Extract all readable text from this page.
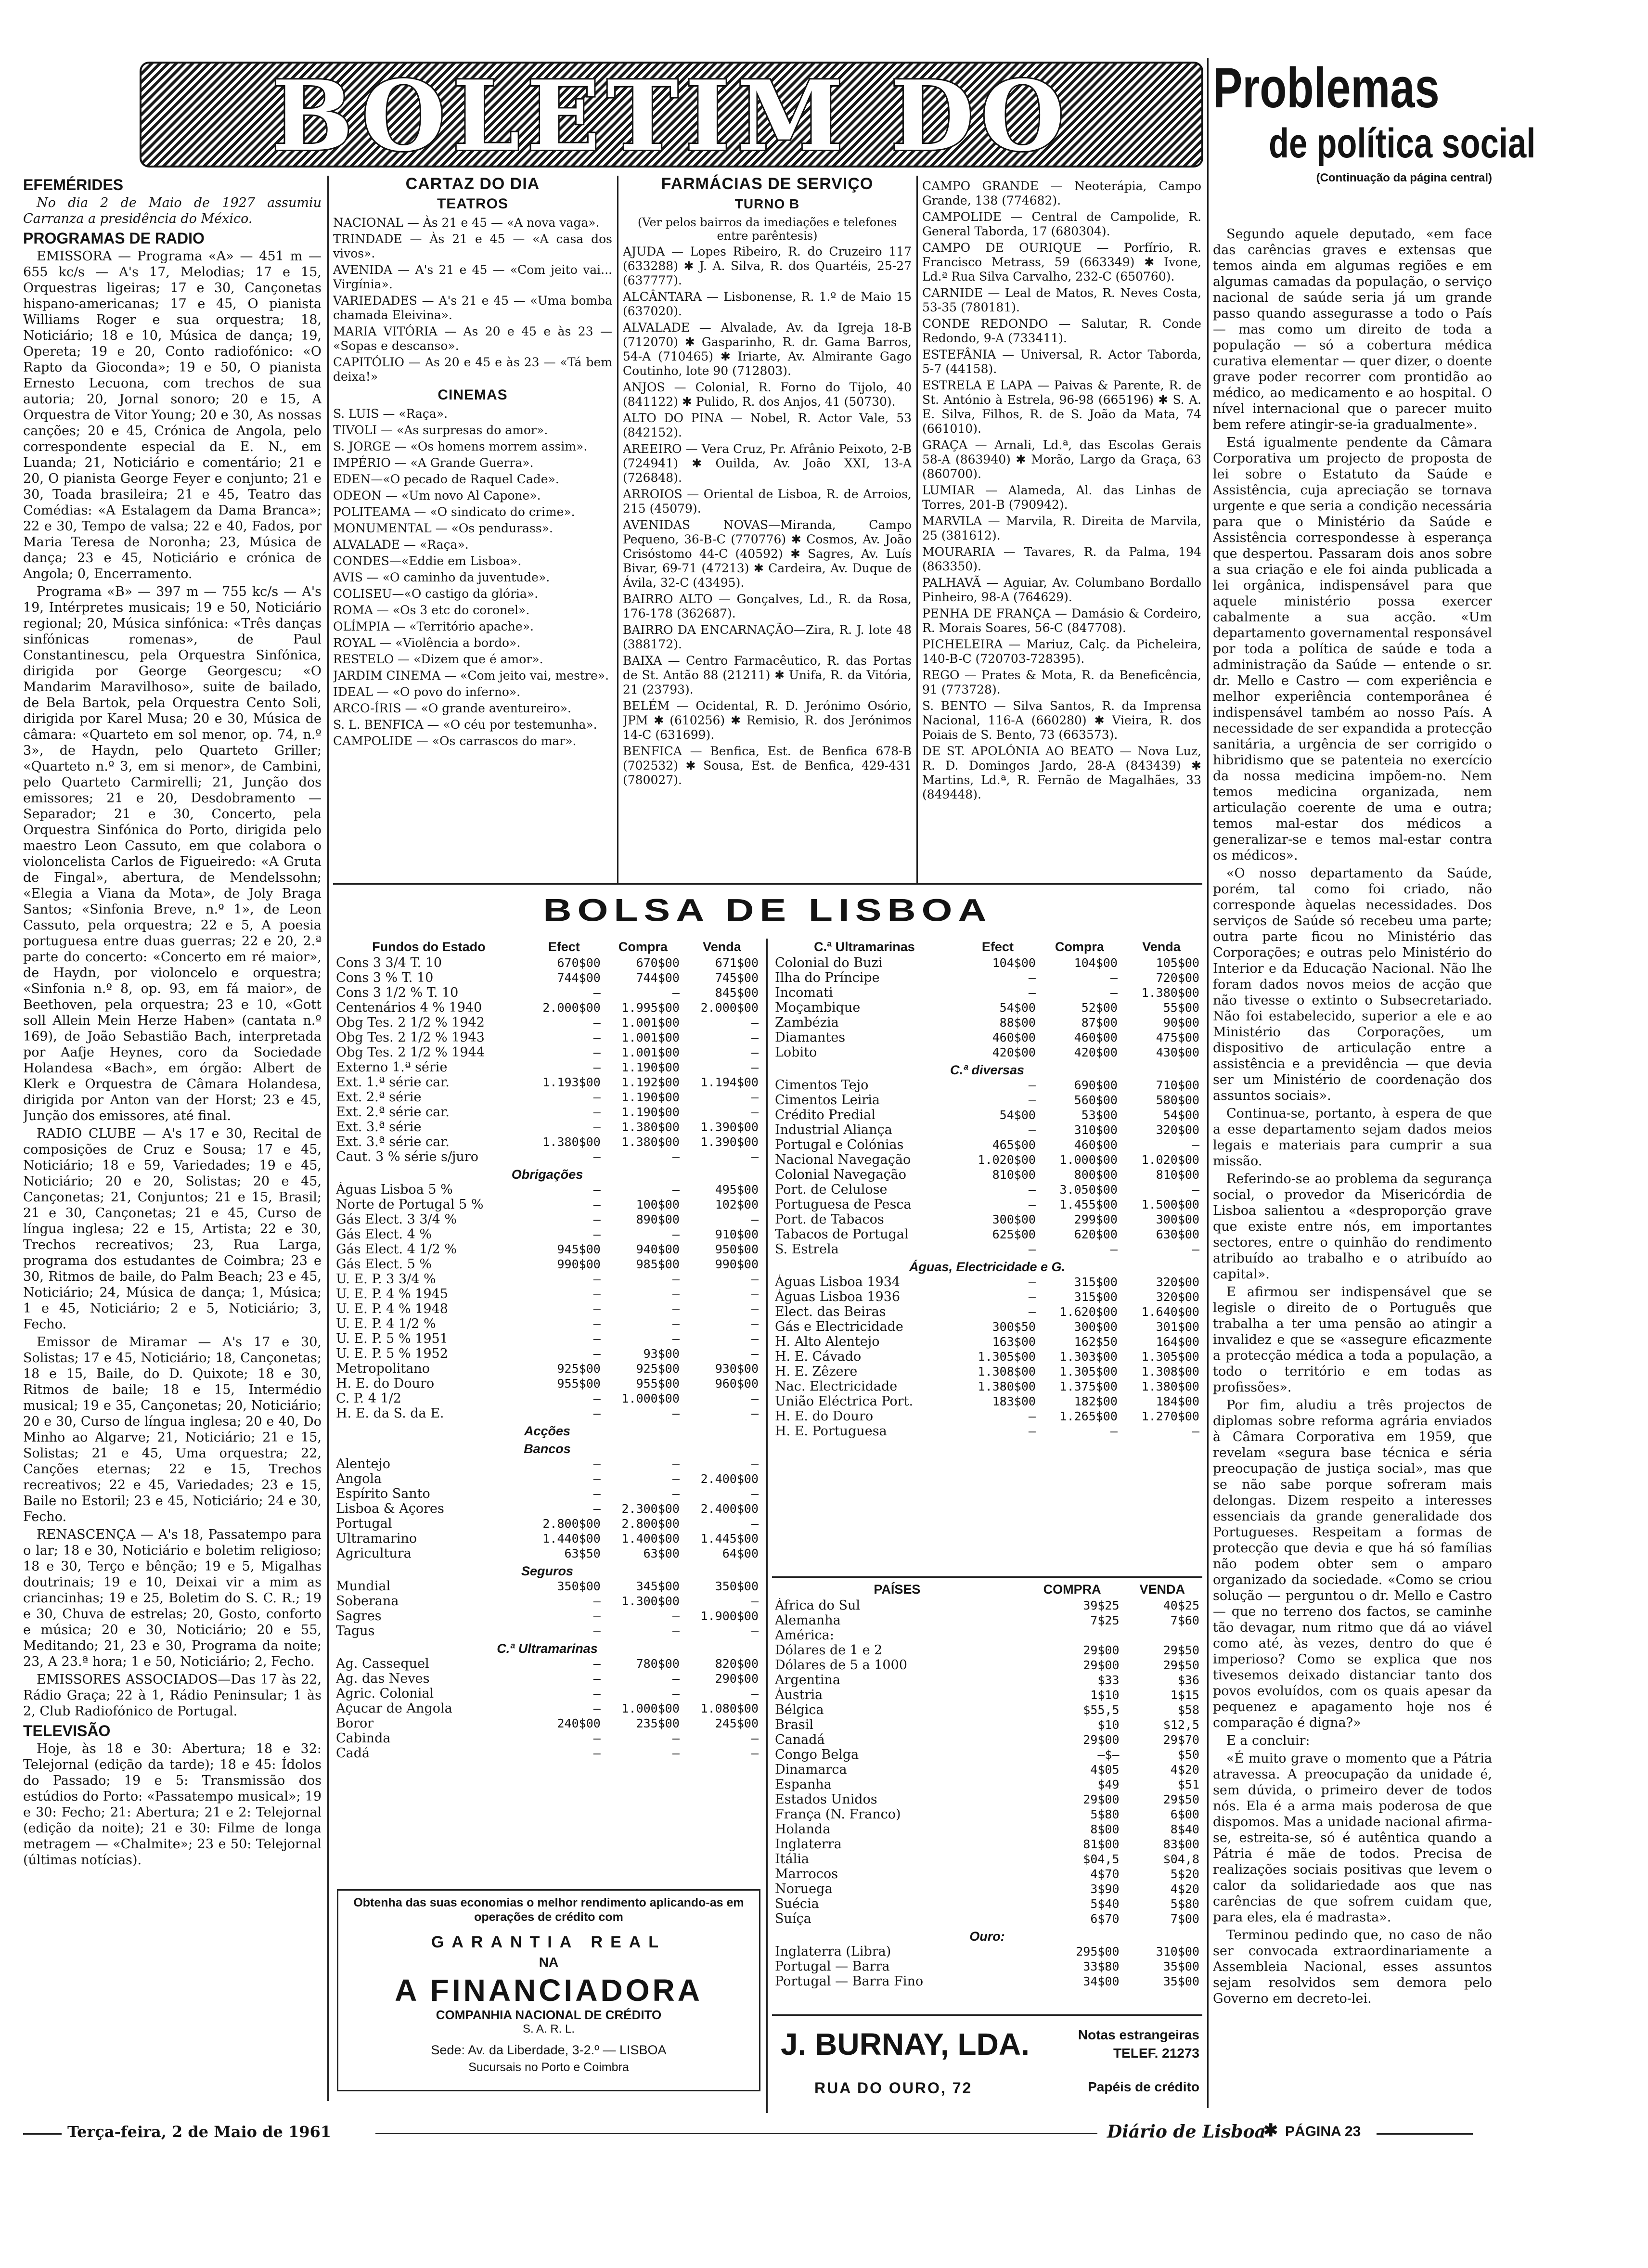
BOLETIM DO	Problemas
de política social
(Continuação da página central)

Segundo aquele deputado, «em face das carências graves e extensas que temos ainda em algumas regiões e em algumas camadas da população, o serviço nacional de saúde seria já um grande passo quando assegurasse a todo o País — mas como um direito de toda a população — só a cobertura médica curativa elementar — quer dizer, o doente grave poder recorrer com prontidão ao médico, ao medicamento e ao hospital. O nível internacional que o parecer muito bem refere atingir-se-ia gradualmente».

Está igualmente pendente da Câmara Corporativa um projecto de proposta de lei sobre o Estatuto da Saúde e Assistência, cuja apreciação se tornava urgente e que seria a condição necessária para que o Ministério da Saúde e Assistência correspondesse à esperança que despertou. Passaram dois anos sobre a sua criação e ele foi ainda publicada a lei orgânica, indispensável para que aquele ministério possa exercer cabalmente a sua acção. «Um departamento governamental responsável por toda a política de saúde e toda a administração da Saúde — entende o sr. dr. Mello e Castro — com experiência e melhor experiência contemporânea é indispensável também ao nosso País. A necessidade de ser expandida a protecção sanitária, a urgência de ser corrigido o hibridismo que se patenteia no exercício da nossa medicina impõem-no. Nem temos medicina organizada, nem articulação coerente de uma e outra; temos mal-estar dos médicos a generalizar-se e temos mal-estar contra os médicos».

«O nosso departamento da Saúde, porém, tal como foi criado, não corresponde àquelas necessidades. Dos serviços de Saúde só recebeu uma parte; outra parte ficou no Ministério das Corporações; e outras pelo Ministério do Interior e da Educação Nacional. Não lhe foram dados novos meios de acção que não tivesse o extinto o Subsecretariado. Não foi estabelecido, superior a ele e ao Ministério das Corporações, um dispositivo de articulação entre a assistência e a previdência — que devia ser um Ministério de coordenação dos assuntos sociais».

Continua-se, portanto, à espera de que a esse departamento sejam dados meios legais e materiais para cumprir a sua missão.

Referindo-se ao problema da segurança social, o provedor da Misericórdia de Lisboa salientou a «desproporção grave que existe entre nós, em importantes sectores, entre o quinhão do rendimento atribuído ao trabalho e o atribuído ao capital».

E afirmou ser indispensável que se legisle o direito de o Português que trabalha a ter uma pensão ao atingir a invalidez e que se «assegure eficazmente a protecção médica a toda a população, a todo o território e em todas as profissões».

Por fim, aludiu a três projectos de diplomas sobre reforma agrária enviados à Câmara Corporativa em 1959, que revelam «segura base técnica e séria preocupação de justiça social», mas que se não sabe porque sofreram mais delongas. Dizem respeito a interesses essenciais da grande generalidade dos Portugueses. Respeitam a formas de protecção que devia e que há só famílias não podem obter sem o amparo organizado da sociedade. «Como se criou solução — perguntou o dr. Mello e Castro — que no terreno dos factos, se caminhe tão devagar, num ritmo que dá ao viável como até, às vezes, dentro do que é imperioso? Como se explica que nos tivesemos deixado distanciar tanto dos povos evoluídos, com os quais apesar da pequenez e apagamento hoje nos é comparação é digna?»

E a concluir:

«É muito grave o momento que a Pátria atravessa. A preocupação da unidade é, sem dúvida, o primeiro dever de todos nós. Ela é a arma mais poderosa de que dispomos. Mas a unidade nacional afirma-se, estreita-se, só é autêntica quando a Pátria é mãe de todos. Precisa de realizações sociais positivas que levem o calor da solidariedade aos que nas carências de que sofrem cuidam que, para eles, ela é madrasta».

Terminou pedindo que, no caso de não ser convocada extraordinariamente a Assembleia Nacional, esses assuntos sejam resolvidos sem demora pelo Governo em decreto-lei.

EFEMÉRIDES

No dia 2 de Maio de 1927 assumiu Carranza a presidência do México.

PROGRAMAS DE RADIO

EMISSORA — Programa «A» — 451 m — 655 kc/s — A's 17, Melodias; 17 e 15, Orquestras ligeiras; 17 e 30, Cançonetas hispano-americanas; 17 e 45, O pianista Williams Roger e sua orquestra; 18, Noticiário; 18 e 10, Música de dança; 19, Opereta; 19 e 20, Conto radiofónico: «O Rapto da Gioconda»; 19 e 50, O pianista Ernesto Lecuona, com trechos de sua autoria; 20, Jornal sonoro; 20 e 15, A Orquestra de Vitor Young; 20 e 30, As nossas canções; 20 e 45, Crónica de Angola, pelo correspondente especial da E. N., em Luanda; 21, Noticiário e comentário; 21 e 20, O pianista George Feyer e conjunto; 21 e 30, Toada brasileira; 21 e 45, Teatro das Comédias: «A Estalagem da Dama Branca»; 22 e 30, Tempo de valsa; 22 e 40, Fados, por Maria Teresa de Noronha; 23, Música de dança; 23 e 45, Noticiário e crónica de Angola; 0, Encerramento.

Programa «B» — 397 m — 755 kc/s — A's 19, Intérpretes musicais; 19 e 50, Noticiário regional; 20, Música sinfónica: «Três danças sinfónicas romenas», de Paul Constantinescu, pela Orquestra Sinfónica, dirigida por George Georgescu; «O Mandarim Maravilhoso», suite de bailado, de Bela Bartok, pela Orquestra Cento Soli, dirigida por Karel Musa; 20 e 30, Música de câmara: «Quarteto em sol menor, op. 74, n.º 3», de Haydn, pelo Quarteto Griller; «Quarteto n.º 3, em si menor», de Cambini, pelo Quarteto Carmirelli; 21, Junção dos emissores; 21 e 20, Desdobramento — Separador; 21 e 30, Concerto, pela Orquestra Sinfónica do Porto, dirigida pelo maestro Leon Cassuto, em que colabora o violoncelista Carlos de Figueiredo: «A Gruta de Fingal», abertura, de Mendelssohn; «Elegia a Viana da Mota», de Joly Braga Santos; «Sinfonia Breve, n.º 1», de Leon Cassuto, pela orquestra; 22 e 5, A poesia portuguesa entre duas guerras; 22 e 20, 2.ª parte do concerto: «Concerto em ré maior», de Haydn, por violoncelo e orquestra; «Sinfonia n.º 8, op. 93, em fá maior», de Beethoven, pela orquestra; 23 e 10, «Gott soll Allein Mein Herze Haben» (cantata n.º 169), de João Sebastião Bach, interpretada por Aafje Heynes, coro da Sociedade Holandesa «Bach», em órgão: Albert de Klerk e Orquestra de Câmara Holandesa, dirigida por Anton van der Horst; 23 e 45, Junção dos emissores, até final.

RADIO CLUBE — A's 17 e 30, Recital de composições de Cruz e Sousa; 17 e 45, Noticiário; 18 e 59, Variedades; 19 e 45, Noticiário; 20 e 20, Solistas; 20 e 45, Cançonetas; 21, Conjuntos; 21 e 15, Brasil; 21 e 30, Cançonetas; 21 e 45, Curso de língua inglesa; 22 e 15, Artista; 22 e 30, Trechos recreativos; 23, Rua Larga, programa dos estudantes de Coimbra; 23 e 30, Ritmos de baile, do Palm Beach; 23 e 45, Noticiário; 24, Música de dança; 1, Música; 1 e 45, Noticiário; 2 e 5, Noticiário; 3, Fecho.

Emissor de Miramar — A's 17 e 30, Solistas; 17 e 45, Noticiário; 18, Cançonetas; 18 e 15, Baile, do D. Quixote; 18 e 30, Ritmos de baile; 18 e 15, Intermédio musical; 19 e 35, Cançonetas; 20, Noticiário; 20 e 30, Curso de língua inglesa; 20 e 40, Do Minho ao Algarve; 21, Noticiário; 21 e 15, Solistas; 21 e 45, Uma orquestra; 22, Canções eternas; 22 e 15, Trechos recreativos; 22 e 45, Variedades; 23 e 15, Baile no Estoril; 23 e 45, Noticiário; 24 e 30, Fecho.

RENASCENÇA — A's 18, Passatempo para o lar; 18 e 30, Noticiário e boletim religioso; 18 e 30, Terço e bênção; 19 e 5, Migalhas doutrinais; 19 e 10, Deixai vir a mim as criancinhas; 19 e 25, Boletim do S. C. R.; 19 e 30, Chuva de estrelas; 20, Gosto, conforto e música; 20 e 30, Noticiário; 20 e 55, Meditando; 21, 23 e 30, Programa da noite; 23, A 23.ª hora; 1 e 50, Noticiário; 2, Fecho.

EMISSORES ASSOCIADOS—Das 17 às 22, Rádio Graça; 22 à 1, Rádio Peninsular; 1 às 2, Club Radiofónico de Portugal.

TELEVISÃO

Hoje, às 18 e 30: Abertura; 18 e 32: Telejornal (edição da tarde); 18 e 45: Ídolos do Passado; 19 e 5: Transmissão dos estúdios do Porto: «Passatempo musical»; 19 e 30: Fecho; 21: Abertura; 21 e 2: Telejornal (edição da noite); 21 e 30: Filme de longa metragem — «Chalmite»; 23 e 50: Telejornal (últimas notícias).

CARTAZ DO DIA
TEATROS

NACIONAL — Às 21 e 45 — «A nova vaga».

TRINDADE — Às 21 e 45 — «A casa dos vivos».

AVENIDA — A's 21 e 45 — «Com jeito vai... Virgínia».

VARIEDADES — A's 21 e 45 — «Uma bomba chamada Eleivina».

MARIA VITÓRIA — As 20 e 45 e às 23 — «Sopas e descanso».

CAPITÓLIO — As 20 e 45 e às 23 — «Tá bem deixa!»

CINEMAS

S. LUIS — «Raça».

TIVOLI — «As surpresas do amor».

S. JORGE — «Os homens morrem assim».

IMPÉRIO — «A Grande Guerra».

EDEN—«O pecado de Raquel Cade».

ODEON — «Um novo Al Capone».

POLITEAMA — «O sindicato do crime».

MONUMENTAL — «Os pendurass».

ALVALADE — «Raça».

CONDES—«Eddie em Lisboa».

AVIS — «O caminho da juventude».

COLISEU—«O castigo da glória».

ROMA — «Os 3 etc do coronel».

OLÍMPIA — «Território apache».

ROYAL — «Violência a bordo».

RESTELO — «Dizem que é amor».

JARDIM CINEMA — «Com jeito vai, mestre».

IDEAL — «O povo do inferno».

ARCO-ÍRIS — «O grande aventureiro».

S. L. BENFICA — «O céu por testemunha».

CAMPOLIDE — «Os carrascos do mar».

FARMÁCIAS DE SERVIÇO
TURNO B
(Ver pelos bairros da imediações e telefones entre parêntesis)

AJUDA — Lopes Ribeiro, R. do Cruzeiro 117 (633288) ✱ J. A. Silva, R. dos Quartéis, 25-27 (637777).

ALCÂNTARA — Lisbonense, R. 1.º de Maio 15 (637020).

ALVALADE — Alvalade, Av. da Igreja 18-B (712070) ✱ Gasparinho, R. dr. Gama Barros, 54-A (710465) ✱ Iriarte, Av. Almirante Gago Coutinho, lote 90 (712803).

ANJOS — Colonial, R. Forno do Tijolo, 40 (841122) ✱ Pulido, R. dos Anjos, 41 (50730).

ALTO DO PINA — Nobel, R. Actor Vale, 53 (842152).

AREEIRO — Vera Cruz, Pr. Afrânio Peixoto, 2-B (724941) ✱ Ouilda, Av. João XXI, 13-A (726848).

ARROIOS — Oriental de Lisboa, R. de Arroios, 215 (45079).

AVENIDAS NOVAS—Miranda, Campo Pequeno, 36-B-C (770776) ✱ Cosmos, Av. João Crisóstomo 44-C (40592) ✱ Sagres, Av. Luís Bivar, 69-71 (47213) ✱ Cardeira, Av. Duque de Ávila, 32-C (43495).

BAIRRO ALTO — Gonçalves, Ld., R. da Rosa, 176-178 (362687).

BAIRRO DA ENCARNAÇÃO—Zira, R. J. lote 48 (388172).

BAIXA — Centro Farmacêutico, R. das Portas de St. Antão 88 (21211) ✱ Unifa, R. da Vitória, 21 (23793).

BELÉM — Ocidental, R. D. Jerónimo Osório, JPM ✱ (610256) ✱ Remisio, R. dos Jerónimos 14-C (631699).

BENFICA — Benfica, Est. de Benfica 678-B (702532) ✱ Sousa, Est. de Benfica, 429-431 (780027).

CAMPO GRANDE — Neoterápia, Campo Grande, 138 (774682).

CAMPOLIDE — Central de Campolide, R. General Taborda, 17 (680304).

CAMPO DE OURIQUE — Porfírio, R. Francisco Metrass, 59 (663349) ✱ Ivone, Ld.ª Rua Silva Carvalho, 232-C (650760).

CARNIDE — Leal de Matos, R. Neves Costa, 53-35 (780181).

CONDE REDONDO — Salutar, R. Conde Redondo, 9-A (733411).

ESTEFÂNIA — Universal, R. Actor Taborda, 5-7 (44158).

ESTRELA E LAPA — Paivas & Parente, R. de St. António à Estrela, 96-98 (665196) ✱ S. A. E. Silva, Filhos, R. de S. João da Mata, 74 (661010).

GRAÇA — Arnali, Ld.ª, das Escolas Gerais 58-A (863940) ✱ Morão, Largo da Graça, 63 (860700).

LUMIAR — Alameda, Al. das Linhas de Torres, 201-B (790942).

MARVILA — Marvila, R. Direita de Marvila, 25 (381612).

MOURARIA — Tavares, R. da Palma, 194 (863350).

PALHAVÃ — Aguiar, Av. Columbano Bordallo Pinheiro, 98-A (764629).

PENHA DE FRANÇA — Damásio & Cordeiro, R. Morais Soares, 56-C (847708).

PICHELEIRA — Mariuz, Calç. da Picheleira, 140-B-C (720703-728395).

REGO — Prates & Mota, R. da Beneficência, 91 (773728).

S. BENTO — Silva Santos, R. da Imprensa Nacional, 116-A (660280) ✱ Vieira, R. dos Poiais de S. Bento, 73 (663573).

DE ST. APOLÓNIA AO BEATO — Nova Luz, R. D. Domingos Jardo, 28-A (843439) ✱ Martins, Ld.ª, R. Fernão de Magalhães, 33 (849448).

BOLSA DE LISBOA
Fundos do Estado	Efect	Compra	Venda
Cons 3 3/4 T. 10	670$00	670$00	671$00
Cons 3 % T. 10	744$00	744$00	745$00
Cons 3 1/2 % T. 10	—	—	845$00
Centenários 4 % 1940	2.000$00	1.995$00	2.000$00
Obg Tes. 2 1/2 % 1942	—	1.001$00	—
Obg Tes. 2 1/2 % 1943	—	1.001$00	—
Obg Tes. 2 1/2 % 1944	—	1.001$00	—
Externo 1.ª série	—	1.190$00	—
Ext. 1.ª série car.	1.193$00	1.192$00	1.194$00
Ext. 2.ª série	—	1.190$00	—
Ext. 2.ª série car.	—	1.190$00	—
Ext. 3.ª série	—	1.380$00	1.390$00
Ext. 3.ª série car.	1.380$00	1.380$00	1.390$00
Caut. 3 % série s/juro	—	—	—
Obrigações			
Águas Lisboa 5 %	—	—	495$00
Norte de Portugal 5 %	—	100$00	102$00
Gás Elect. 3 3/4 %	—	890$00	—
Gás Elect. 4 %	—	—	910$00
Gás Elect. 4 1/2 %	945$00	940$00	950$00
Gás Elect. 5 %	990$00	985$00	990$00
U. E. P. 3 3/4 %	—	—	—
U. E. P. 4 % 1945	—	—	—
U. E. P. 4 % 1948	—	—	—
U. E. P. 4 1/2 %	—	—	—
U. E. P. 5 % 1951	—	—	—
U. E. P. 5 % 1952	—	93$00	—
Metropolitano	925$00	925$00	930$00
H. E. do Douro	955$00	955$00	960$00
C. P. 4 1/2	—	1.000$00	—
H. E. da S. da E.	—	—	—
Acções			
Bancos			
Alentejo	—	—	—
Angola	—	—	2.400$00
Espírito Santo	—	—	—
Lisboa & Açores	—	2.300$00	2.400$00
Portugal	2.800$00	2.800$00	—
Ultramarino	1.440$00	1.400$00	1.445$00
Agricultura	63$50	63$00	64$00
Seguros			
Mundial	350$00	345$00	350$00
Soberana	—	1.300$00	—
Sagres	—	—	1.900$00
Tagus	—	—	—
C.ª Ultramarinas			
Ag. Cassequel	—	780$00	820$00
Ag. das Neves	—	—	290$00
Agric. Colonial	—	—	—
Açucar de Angola	—	1.000$00	1.080$00
Boror	240$00	235$00	245$00
Cabinda	—	—	—
Cadá	—	—	—
C.ª Ultramarinas	Efect	Compra	Venda
Colonial do Buzi	104$00	104$00	105$00
Ilha do Príncipe	—	—	720$00
Incomati	—	—	1.380$00
Moçambique	54$00	52$00	55$00
Zambézia	88$00	87$00	90$00
Diamantes	460$00	460$00	475$00
Lobito	420$00	420$00	430$00
C.ª diversas			
Cimentos Tejo	—	690$00	710$00
Cimentos Leiria	—	560$00	580$00
Crédito Predial	54$00	53$00	54$00
Industrial Aliança	—	310$00	320$00
Portugal e Colónias	465$00	460$00	—
Nacional Navegação	1.020$00	1.000$00	1.020$00
Colonial Navegação	810$00	800$00	810$00
Port. de Celulose	—	3.050$00	—
Portuguesa de Pesca	—	1.455$00	1.500$00
Port. de Tabacos	300$00	299$00	300$00
Tabacos de Portugal	625$00	620$00	630$00
S. Estrela	—	—	—
Águas, Electricidade e G.			
Águas Lisboa 1934	—	315$00	320$00
Águas Lisboa 1936	—	315$00	320$00
Elect. das Beiras	—	1.620$00	1.640$00
Gás e Electricidade	300$50	300$00	301$00
H. Alto Alentejo	163$00	162$50	164$00
H. E. Cávado	1.305$00	1.303$00	1.305$00
H. E. Zêzere	1.308$00	1.305$00	1.308$00
Nac. Electricidade	1.380$00	1.375$00	1.380$00
União Eléctrica Port.	183$00	182$00	184$00
H. E. do Douro	—	1.265$00	1.270$00
H. E. Portuguesa	—	—	—
PAÍSES	COMPRA	VENDA
África do Sul	39$25	40$25
Alemanha	7$25	7$60
América:		
Dólares de 1 e 2	29$00	29$50
Dólares de 5 a 1000	29$00	29$50
Argentina	$33	$36
Áustria	1$10	1$15
Bélgica	$55,5	$58
Brasil	$10	$12,5
Canadá	29$00	29$70
Congo Belga	—$—	$50
Dinamarca	4$05	4$20
Espanha	$49	$51
Estados Unidos	29$00	29$50
França (N. Franco)	5$80	6$00
Holanda	8$00	8$40
Inglaterra	81$00	83$00
Itália	$04,5	$04,8
Marrocos	4$70	5$20
Noruega	3$90	4$20
Suécia	5$40	5$80
Suíça	6$70	7$00
Ouro:		
Inglaterra (Libra)	295$00	310$00
Portugal — Barra	33$80	35$00
Portugal — Barra Fino	34$00	35$00
Obtenha das suas economias o melhor rendimento aplicando-as em operações de crédito com
GARANTIA REAL
NA
A FINANCIADORA
COMPANHIA NACIONAL DE CRÉDITO
S. A. R. L.
Sede: Av. da Liberdade, 3-2.º — LISBOA
Sucursais no Porto e Coimbra
J. BURNAY, LDA.	Notas estrangeiras
TELEF. 21273
RUA DO OURO, 72	Papéis de crédito
Terça-feira, 2 de Maio de 1961	Diário de Lisboa
✱ PÁGINA 23
